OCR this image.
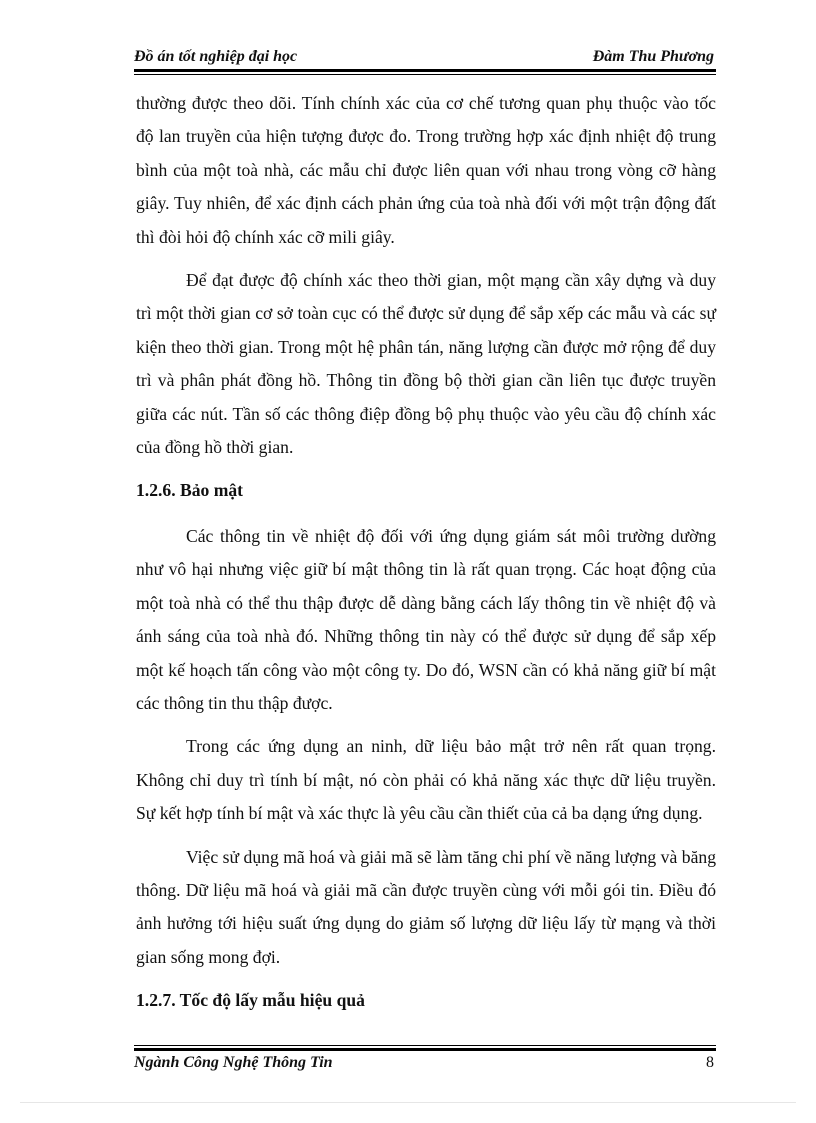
Đồ án tốt nghiệp đại học	Đàm Thu Phương

thường được theo dõi. Tính chính xác của cơ chế tương quan phụ thuộc vào tốc độ lan truyền của hiện tượng được đo. Trong trường hợp xác định nhiệt độ trung bình của một toà nhà, các mẫu chỉ được liên quan với nhau trong vòng cỡ hàng giây. Tuy nhiên, để xác định cách phản ứng của toà nhà đối với một trận động đất thì đòi hỏi độ chính xác cỡ mili giây.

Để đạt được độ chính xác theo thời gian, một mạng cần xây dựng và duy trì một thời gian cơ sở toàn cục có thể được sử dụng để sắp xếp các mẫu và các sự kiện theo thời gian. Trong một hệ phân tán, năng lượng cần được mở rộng để duy trì và phân phát đồng hồ. Thông tin đồng bộ thời gian cần liên tục được truyền giữa các nút. Tần số các thông điệp đồng bộ phụ thuộc vào yêu cầu độ chính xác của đồng hồ thời gian.

1.2.6. Bảo mật

Các thông tin về nhiệt độ đối với ứng dụng giám sát môi trường dường như vô hại nhưng việc giữ bí mật thông tin là rất quan trọng. Các hoạt động của một toà nhà có thể thu thập được dễ dàng bằng cách lấy thông tin về nhiệt độ và ánh sáng của toà nhà đó. Những thông tin này có thể được sử dụng để sắp xếp một kế hoạch tấn công vào một công ty. Do đó, WSN cần có khả năng giữ bí mật các thông tin thu thập được.

Trong các ứng dụng an ninh, dữ liệu bảo mật trở nên rất quan trọng. Không chỉ duy trì tính bí mật, nó còn phải có khả năng xác thực dữ liệu truyền. Sự kết hợp tính bí mật và xác thực là yêu cầu cần thiết của cả ba dạng ứng dụng.

Việc sử dụng mã hoá và giải mã sẽ làm tăng chi phí về năng lượng và băng thông. Dữ liệu mã hoá và giải mã cần được truyền cùng với mỗi gói tin. Điều đó ảnh hưởng tới hiệu suất ứng dụng do giảm số lượng dữ liệu lấy từ mạng và thời gian sống mong đợi.

1.2.7. Tốc độ lấy mẫu hiệu quả
Ngành Công Nghệ Thông Tin	8
